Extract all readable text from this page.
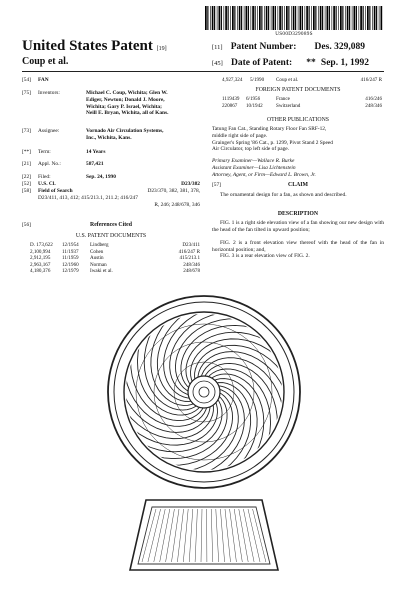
US00D329089S
United States Patent [19]
Coup et al.
[11] Patent Number: Des. 329,089
[45] Date of Patent: ** Sep. 1, 1992
[54]	FAN
[75]	Inventors:	Michael C. Coup, Wichita; Glen W.
Ediger, Newton; Donald J. Moore,
Wichita; Gary P. Israel, Wichita;
Neill E. Bryan, Wichita, all of Kans.
[73]	Assignee:	Vornado Air Circulation Systems,
Inc., Wichita, Kans.
[**]	Term:	14 Years
[21]	Appl. No.:	587,421
[22]	Filed:	Sep. 24, 1990
[52]	U.S. Cl.	D23/382
[58]	Field of Search	D23/370, 382, 381, 378,
D23/411, 413, 412; 415/213.1, 211.2; 416/247
R, 246; 248/678, 346
[56]	References Cited
U.S. PATENT DOCUMENTS
D. 173,622 12/1954 Lindberg	D23/411
2,100,994 11/1937 Cohen	416/247 R
2,912,195 11/1959 Austin	415/213.1
2,963,167 12/1960 Norman	248/346
4,180,376 12/1979 Iwaki et al.	248/678
4,927,324 5/1990 Coup et al.	416/247 R
FOREIGN PATENT DOCUMENTS
1119439 6/1956	France	416/246
220867 10/1942	Switzerland	248/346
OTHER PUBLICATIONS
Tatung Fan Cat., Standing Rotary Floor Fan SRF-12,
middle right side of page.
Grainger's Spring '86 Cat., p. 1299, Pivot Stand 2 Speed
Air Circulator, top left side of page.
Primary Examiner—Wallace R. Burke
Assistant Examiner—Lisa Lichtenstein
Attorney, Agent, or Firm—Edward L. Brown, Jr.
[57]	CLAIM
The ornamental design for a fan, as shown and described.
DESCRIPTION
FIG. 1 is a right side elevation view of a fan showing our new design with the head of the fan tilted in upward position;
FIG. 2 is a front elevation view thereof with the head of the fan in horizontal position; and,
FIG. 3 is a rear elevation view of FIG. 2.
